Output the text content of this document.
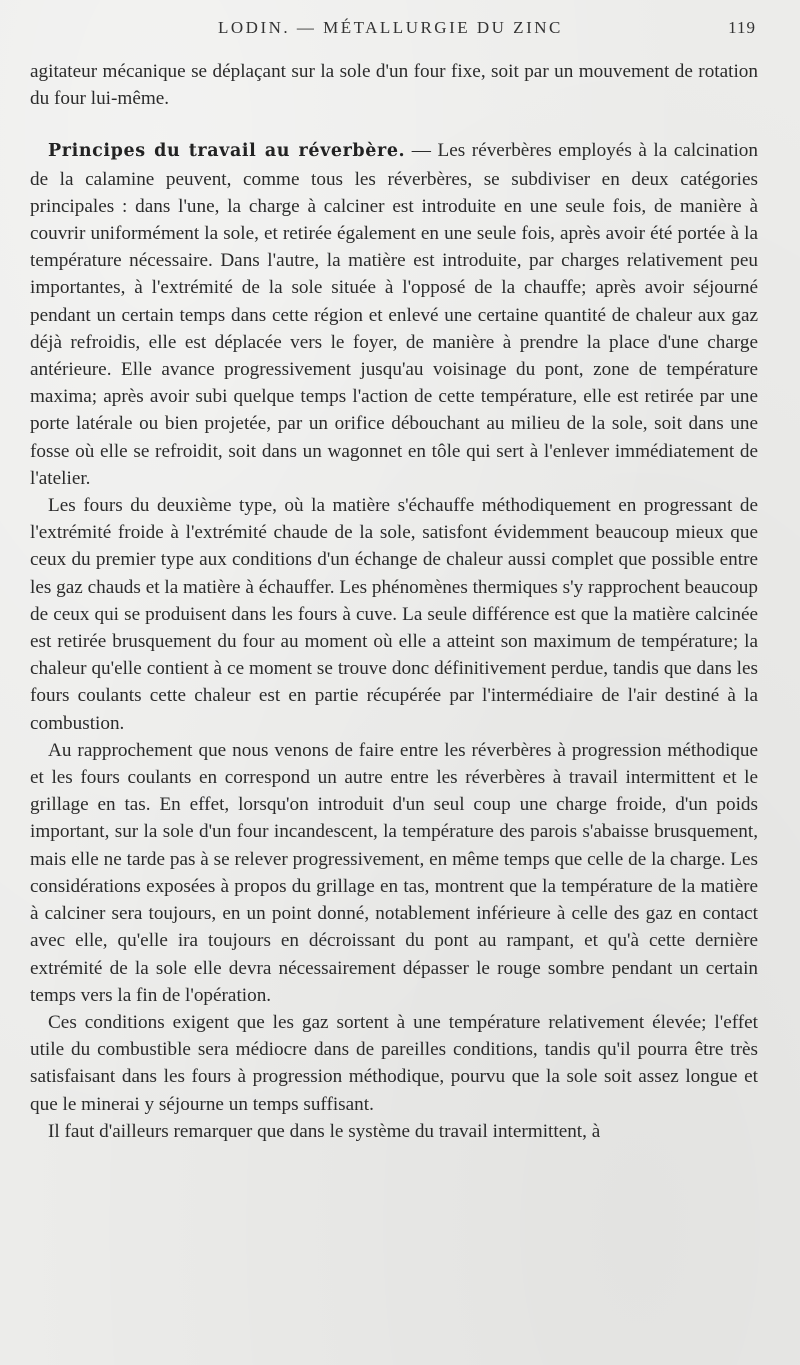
LODIN. — MÉTALLURGIE DU ZINC	119

agitateur mécanique se déplaçant sur la sole d'un four fixe, soit par un mouvement de rotation du four lui-même.

Principes du travail au réverbère. — Les réverbères employés à la calcination de la calamine peuvent, comme tous les réverbères, se subdiviser en deux catégories principales : dans l'une, la charge à calciner est introduite en une seule fois, de manière à couvrir uniformément la sole, et retirée également en une seule fois, après avoir été portée à la température nécessaire. Dans l'autre, la matière est introduite, par charges relativement peu importantes, à l'extrémité de la sole située à l'opposé de la chauffe; après avoir séjourné pendant un certain temps dans cette région et enlevé une certaine quantité de chaleur aux gaz déjà refroidis, elle est déplacée vers le foyer, de manière à prendre la place d'une charge antérieure. Elle avance progressivement jusqu'au voisinage du pont, zone de température maxima; après avoir subi quelque temps l'action de cette température, elle est retirée par une porte latérale ou bien projetée, par un orifice débouchant au milieu de la sole, soit dans une fosse où elle se refroidit, soit dans un wagonnet en tôle qui sert à l'enlever immédiatement de l'atelier.

Les fours du deuxième type, où la matière s'échauffe méthodiquement en progressant de l'extrémité froide à l'extrémité chaude de la sole, satisfont évidemment beaucoup mieux que ceux du premier type aux conditions d'un échange de chaleur aussi complet que possible entre les gaz chauds et la matière à échauffer. Les phénomènes thermiques s'y rapprochent beaucoup de ceux qui se produisent dans les fours à cuve. La seule différence est que la matière calcinée est retirée brusquement du four au moment où elle a atteint son maximum de température; la chaleur qu'elle contient à ce moment se trouve donc définitivement perdue, tandis que dans les fours coulants cette chaleur est en partie récupérée par l'intermédiaire de l'air destiné à la combustion.

Au rapprochement que nous venons de faire entre les réverbères à progression méthodique et les fours coulants en correspond un autre entre les réverbères à travail intermittent et le grillage en tas. En effet, lorsqu'on introduit d'un seul coup une charge froide, d'un poids important, sur la sole d'un four incandescent, la température des parois s'abaisse brusquement, mais elle ne tarde pas à se relever progressivement, en même temps que celle de la charge. Les considérations exposées à propos du grillage en tas, montrent que la température de la matière à calciner sera toujours, en un point donné, notablement inférieure à celle des gaz en contact avec elle, qu'elle ira toujours en décroissant du pont au rampant, et qu'à cette dernière extrémité de la sole elle devra nécessairement dépasser le rouge sombre pendant un certain temps vers la fin de l'opération.

Ces conditions exigent que les gaz sortent à une température relativement élevée; l'effet utile du combustible sera médiocre dans de pareilles conditions, tandis qu'il pourra être très satisfaisant dans les fours à progression méthodique, pourvu que la sole soit assez longue et que le minerai y séjourne un temps suffisant.

Il faut d'ailleurs remarquer que dans le système du travail intermittent, à
